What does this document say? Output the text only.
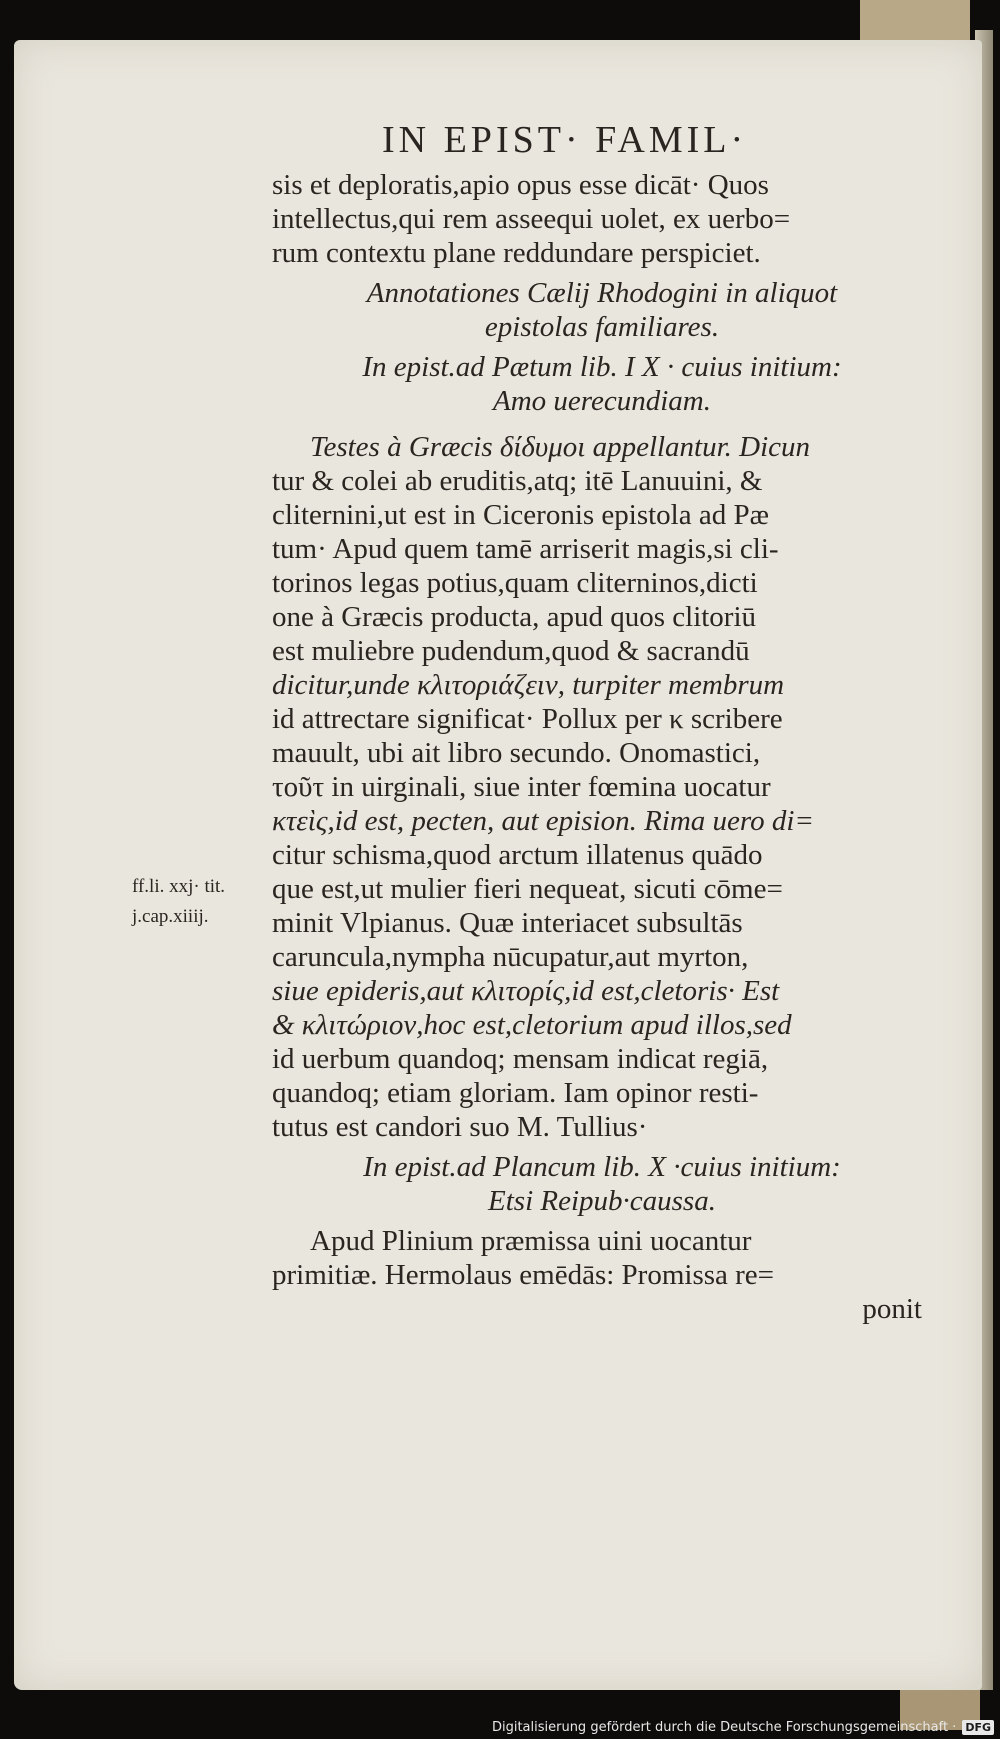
IN EPIST· FAMIL·
sis et deploratis,apio opus esse dicāt· Quos
intellectus,qui rem asseequi uolet, ex uerbo=
rum contextu plane reddundare perspiciet.
Annotationes Cælij Rhodogini in aliquot
epistolas familiares.
In epist.ad Pætum lib. I X · cuius initium:
Amo uerecundiam.
Testes à Græcis δίδυμοι appellantur. Dicun
tur & colei ab eruditis,atq; itē Lanuuini, &
cliternini,ut est in Ciceronis epistola ad Pæ
tum· Apud quem tamē arriserit magis,si cli-
torinos legas potius,quam cliterninos,dicti
one à Græcis producta, apud quos clitoriū
est muliebre pudendum,quod & sacrandū
dicitur,unde κλιτοριάζειν, turpiter membrum
id attrectare significat· Pollux per κ scribere
mauult, ubi ait libro secundo. Onomastici,
τοῦτ in uirginali, siue inter fœmina uocatur
κτεὶς,id est, pecten, aut epision. Rima uero di=
citur schisma,quod arctum illatenus quādo
que est,ut mulier fieri nequeat, sicuti cōme=
minit Vlpianus. Quæ interiacet subsultās
caruncula,nympha nūcupatur,aut myrton,
siue epideris,aut κλιτορίς,id est,cletoris· Est
& κλιτώριον,hoc est,cletorium apud illos,sed
id uerbum quandoq; mensam indicat regiā,
quandoq; etiam gloriam. Iam opinor resti-
tutus est candori suo M. Tullius·
In epist.ad Plancum lib. X ·cuius initium:
Etsi Reipub·caussa.
Apud Plinium præmissa uini uocantur
primitiæ. Hermolaus emēdās: Promissa re=
ponit
ff.li. xxj· tit.
j.cap.xiiij.
Digitalisierung gefördert durch die Deutsche Forschungsgemeinschaft · DFG
